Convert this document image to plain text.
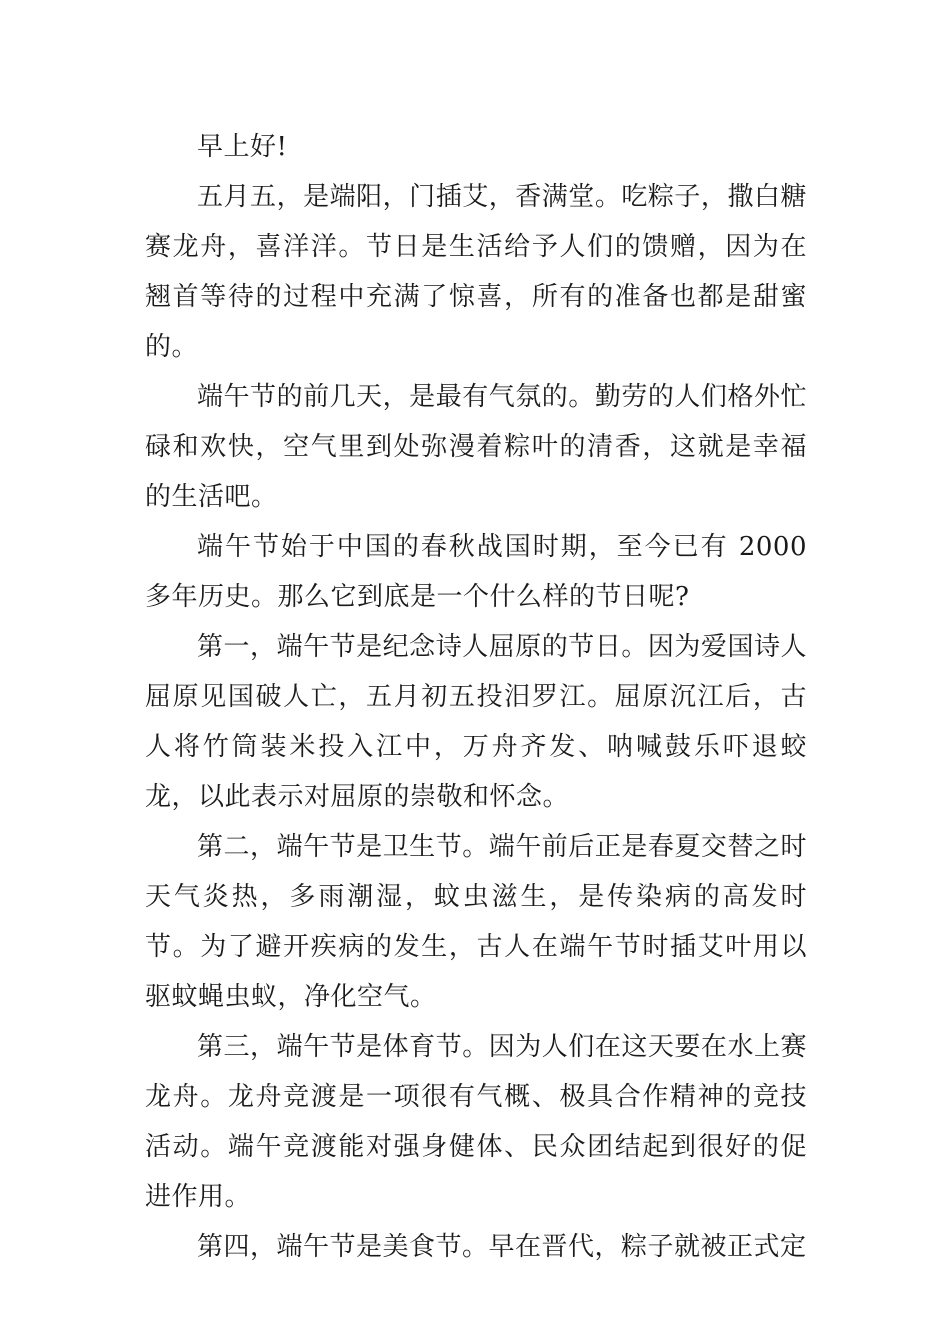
早上好!

五月五，是端阳，门插艾，香满堂。吃粽子，撒白糖赛龙舟，喜洋洋。节日是生活给予人们的馈赠，因为在翘首等待的过程中充满了惊喜，所有的准备也都是甜蜜的。

端午节的前几天，是最有气氛的。勤劳的人们格外忙碌和欢快，空气里到处弥漫着粽叶的清香，这就是幸福的生活吧。

端午节始于中国的春秋战国时期，至今已有 2000 多年历史。那么它到底是一个什么样的节日呢?

第一，端午节是纪念诗人屈原的节日。因为爱国诗人屈原见国破人亡，五月初五投汨罗江。屈原沉江后，古人将竹筒装米投入江中，万舟齐发、呐喊鼓乐吓退蛟龙，以此表示对屈原的崇敬和怀念。

第二，端午节是卫生节。端午前后正是春夏交替之时天气炎热，多雨潮湿，蚊虫滋生，是传染病的高发时节。为了避开疾病的发生，古人在端午节时插艾叶用以驱蚊蝇虫蚁，净化空气。

第三，端午节是体育节。因为人们在这天要在水上赛龙舟。龙舟竞渡是一项很有气概、极具合作精神的竞技活动。端午竞渡能对强身健体、民众团结起到很好的促进作用。

第四，端午节是美食节。早在晋代，粽子就被正式定
